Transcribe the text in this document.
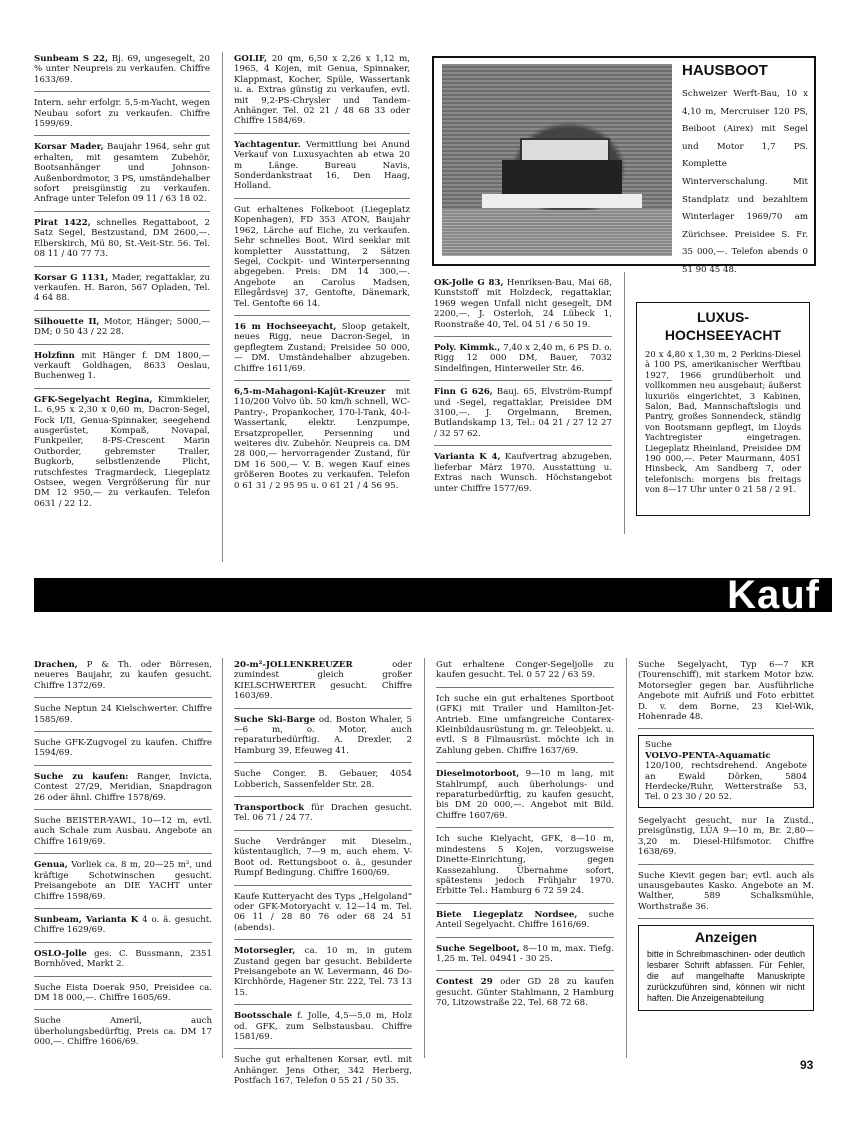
Sunbeam S 22, Bj. 69, ungesegelt, 20 % unter Neupreis zu verkaufen. Chiffre 1633/69.
Intern. sehr erfolgr. 5,5-m-Yacht, wegen Neubau sofort zu verkaufen. Chiffre 1599/69.
Korsar Mader, Baujahr 1964, sehr gut erhalten, mit gesamtem Zubehör, Bootsanhänger und Johnson-Außenbordmotor, 3 PS, umständehalber sofort preisgünstig zu verkaufen. Anfrage unter Telefon 09 11 / 63 18 02.
Pirat 1422, schnelles Regattaboot, 2 Satz Segel, Bestzustand, DM 2600,—. Elberskirch, Mü 80, St.-Veit-Str. 56. Tel. 08 11 / 40 77 73.
Korsar G 1131, Mader, regattaklar, zu verkaufen. H. Baron, 567 Opladen, Tel. 4 64 88.
Silhouette II, Motor, Hänger; 5000,— DM; 0 50 43 / 22 28.
Holzfinn mit Hänger f. DM 1800,— verkauft Goldhagen, 8633 Oeslau, Buchenweg 1.
GFK-Segelyacht Regina, Kimmkieler, L. 6,95 x 2,30 x 0,60 m, Dacron-Segel, Fock I/II, Genua-Spinnaker, seegehend ausgerüstet, Kompaß, Novapal, Funkpeiler, 8-PS-Crescent Marin Outborder, gebremster Trailer, Bugkorb, selbstlenzende Plicht, rutschfestes Tragmardeck, Liegeplatz Ostsee, wegen Vergrößerung für nur DM 12 950,— zu verkaufen. Telefon 0631 / 22 12.
GOLIF, 20 qm, 6,50 x 2,26 x 1,12 m, 1965, 4 Kojen, mit Genua, Spinnaker, Klappmast, Kocher, Spüle, Wassertank u. a. Extras günstig zu verkaufen, evtl. mit 9,2-PS-Chrysler und Tandem-Anhänger. Tel. 02 21 / 48 68 33 oder Chiffre 1584/69.
Yachtagentur. Vermittlung bei Anund Verkauf von Luxusyachten ab etwa 20 m Länge. Bureau Navis, Sonderdankstraat 16, Den Haag, Holland.
Gut erhaltenes Folkeboot (Liegeplatz Kopenhagen), FD 353 ATON, Baujahr 1962, Lärche auf Eiche, zu verkaufen. Sehr schnelles Boot. Wird seeklar mit kompletter Ausstattung, 2 Sätzen Segel, Cockpit- und Winterpersenning abgegeben. Preis: DM 14 300,—. Angebote an Carolus Madsen, Ellegårdsvej 37, Gentofte, Dänemark, Tel. Gentofte 66 14.
16 m Hochseeyacht, Sloop getakelt, neues Rigg, neue Dacron-Segel, in gepflegtem Zustand; Preisidee 50 000,— DM. Umständehalber abzugeben. Chiffre 1611/69.
6,5-m-Mahagoni-Kajüt-Kreuzer mit 110/200 Volvo üb. 50 km/h schnell, WC-Pantry-, Propankocher, 170-l-Tank, 40-l-Wassertank, elektr. Lenzpumpe, Ersatzpropeller, Persenning und weiteres div. Zubehör. Neupreis ca. DM 28 000,— hervorragender Zustand, für DM 16 500,— V. B. wegen Kauf eines größeren Bootes zu verkaufen. Telefon 0 61 31 / 2 95 95 u. 0 61 21 / 4 56 95.
HAUSBOOT
Schweizer Werft-Bau, 10 x 4,10 m, Mercruiser 120 PS, Beiboot (Airex) mit Segel und Motor 1,7 PS. Komplette Winterverschalung. Mit Standplatz und bezahltem Winterlager 1969/70 am Zürichsee. Preisidee S. Fr. 35 000,—. Telefon abends 0 51 90 45 48.
OK-Jolle G 83, Henriksen-Bau, Mai 68, Kunststoff mit Holzdeck, regattaklar, 1969 wegen Unfall nicht gesegelt, DM 2200,—. J. Osterloh, 24 Lübeck 1, Roonstraße 40, Tel. 04 51 / 6 50 19.
Poly. Kimmk., 7,40 x 2,40 m, 6 PS D. o. Rigg 12 000 DM, Bauer, 7032 Sindelfingen, Hinterweiler Str. 46.
Finn G 626, Bauj. 65, Elvström-Rumpf und -Segel, regattaklar, Preisidee DM 3100,—. J. Orgelmann, Bremen, Butlandskamp 13, Tel.: 04 21 / 27 12 27 / 32 57 62.
Varianta K 4, Kaufvertrag abzugeben, lieferbar März 1970. Ausstattung u. Extras nach Wunsch. Höchstangebot unter Chiffre 1577/69.
LUXUS-
HOCHSEEYACHT
20 x 4,80 x 1,30 m, 2 Perkins-Diesel à 100 PS, amerikanischer Werftbau 1927, 1966 grundüberholt und vollkommen neu ausgebaut; äußerst luxuriös eingerichtet, 3 Kabinen, Salon, Bad, Mannschaftslogis und Pantry, großes Sonnendeck, ständig von Bootsmann gepflegt, im Lloyds Yachtregister eingetragen. Liegeplatz Rheinland, Preisidee DM 190 000,—. Peter Maurmann, 4051 Hinsbeck, Am Sandberg 7, oder telefonisch: morgens bis freitags von 8—17 Uhr unter 0 21 58 / 2 91.
Kauf
Drachen, P & Th. oder Börresen, neueres Baujahr, zu kaufen gesucht. Chiffre 1372/69.
Suche Neptun 24 Kielschwerter. Chiffre 1585/69.
Suche GFK-Zugvogel zu kaufen. Chiffre 1594/69.
Suche zu kaufen: Ranger, Invicta, Contest 27/29, Meridian, Snapdragon 26 oder ähnl. Chiffre 1578/69.
Suche BEISTER-YAWL, 10—12 m, evtl. auch Schale zum Ausbau. Angebote an Chiffre 1619/69.
Genua, Vorliek ca. 8 m, 20—25 m², und kräftige Schotwinschen gesucht. Preisangebote an DIE YACHT unter Chiffre 1598/69.
Sunbeam, Varianta K 4 o. ä. gesucht. Chiffre 1629/69.
OSLO-Jolle ges. C. Bussmann, 2351 Bornhöved, Markt 2.
Suche Eista Doerak 950, Preisidee ca. DM 18 000,—. Chiffre 1605/69.
Suche Ameril, auch überholungsbedürftig, Preis ca. DM 17 000,—. Chiffre 1606/69.
20-m²-JOLLENKREUZER oder zumindest gleich großer KIELSCHWERTER gesucht. Chiffre 1603/69.
Suche Ski-Barge od. Boston Whaler, 5—6 m, o. Motor, auch reparaturbedürftig. A. Drexler, 2 Hamburg 39, Efeuweg 41.
Suche Conger. B. Gebauer, 4054 Lobberich, Sassenfelder Str. 28.
Transportbock für Drachen gesucht. Tel. 06 71 / 24 77.
Suche Verdränger mit Dieselm., küstentauglich, 7—9 m, auch ehem. V-Boot od. Rettungsboot o. ä., gesunder Rumpf Bedingung. Chiffre 1600/69.
Kaufe Kutteryacht des Typs „Helgoland“ oder GFK-Motoryacht v. 12—14 m. Tel. 06 11 / 28 80 76 oder 68 24 51 (abends).
Motorsegler, ca. 10 m, in gutem Zustand gegen bar gesucht. Bebilderte Preisangebote an W. Levermann, 46 Do-Kirchhörde, Hagener Str. 222, Tel. 73 13 15.
Bootsschale f. Jolle, 4,5—5,0 m, Holz od. GFK, zum Selbstausbau. Chiffre 1581/69.
Suche gut erhaltenen Korsar, evtl. mit Anhänger. Jens Other, 342 Herberg, Postfach 167, Telefon 0 55 21 / 50 35.
Gut erhaltene Conger-Segeljolle zu kaufen gesucht. Tel. 0 57 22 / 63 59.
Ich suche ein gut erhaltenes Sportboot (GFK) mit Trailer und Hamilton-Jet-Antrieb. Eine umfangreiche Contarex-Kleinbildausrüstung m. gr. Teleobjekt. u. evtl. S 8 Filmausrüst. möchte ich in Zahlung geben. Chiffre 1637/69.
Dieselmotorboot, 9—10 m lang, mit Stahlrumpf, auch überholungs- und reparaturbedürftig, zu kaufen gesucht, bis DM 20 000,—. Angebot mit Bild. Chiffre 1607/69.
Ich suche Kielyacht, GFK, 8—10 m, mindestens 5 Kojen, vorzugsweise Dinette-Einrichtung, gegen Kassezahlung. Übernahme sofort, spätestens jedoch Frühjahr 1970. Erbitte Tel.: Hamburg 6 72 59 24.
Biete Liegeplatz Nordsee, suche Anteil Segelyacht. Chiffre 1616/69.
Suche Segelboot, 8—10 m, max. Tiefg. 1,25 m. Tel. 04941 - 30 25.
Contest 29 oder GD 28 zu kaufen gesucht. Günter Stahlmann, 2 Hamburg 70, Litzowstraße 22, Tel. 68 72 68.
Suche Segelyacht, Typ 6—7 KR (Tourenschiff), mit starkem Motor bzw. Motorsegler gegen bar. Ausführliche Angebote mit Aufriß und Foto erbittet D. v. dem Borne, 23 Kiel-Wik, Hohenrade 48.
Suche
VOLVO-PENTA-Aquamatic
120/100, rechtsdrehend. Angebote an Ewald Dörken, 5804 Herdecke/Ruhr, Wetterstraße 53, Tel. 0 23 30 / 20 52.
Segelyacht gesucht, nur Ia Zustd., preisgünstig, LÜA 9—10 m, Br. 2,80—3,20 m. Diesel-Hilfsmotor. Chiffre 1638/69.
Suche Kievit gegen bar; evtl. auch als unausgebautes Kasko. Angebote an M. Walther, 589 Schalksmühle, Worthstraße 36.
Anzeigen
bitte in Schreibmaschinen- oder deutlich lesbarer Schrift abfassen. Für Fehler, die auf mangelhafte Manuskripte zurückzuführen sind, können wir nicht haften. Die Anzeigenabteilung
93
